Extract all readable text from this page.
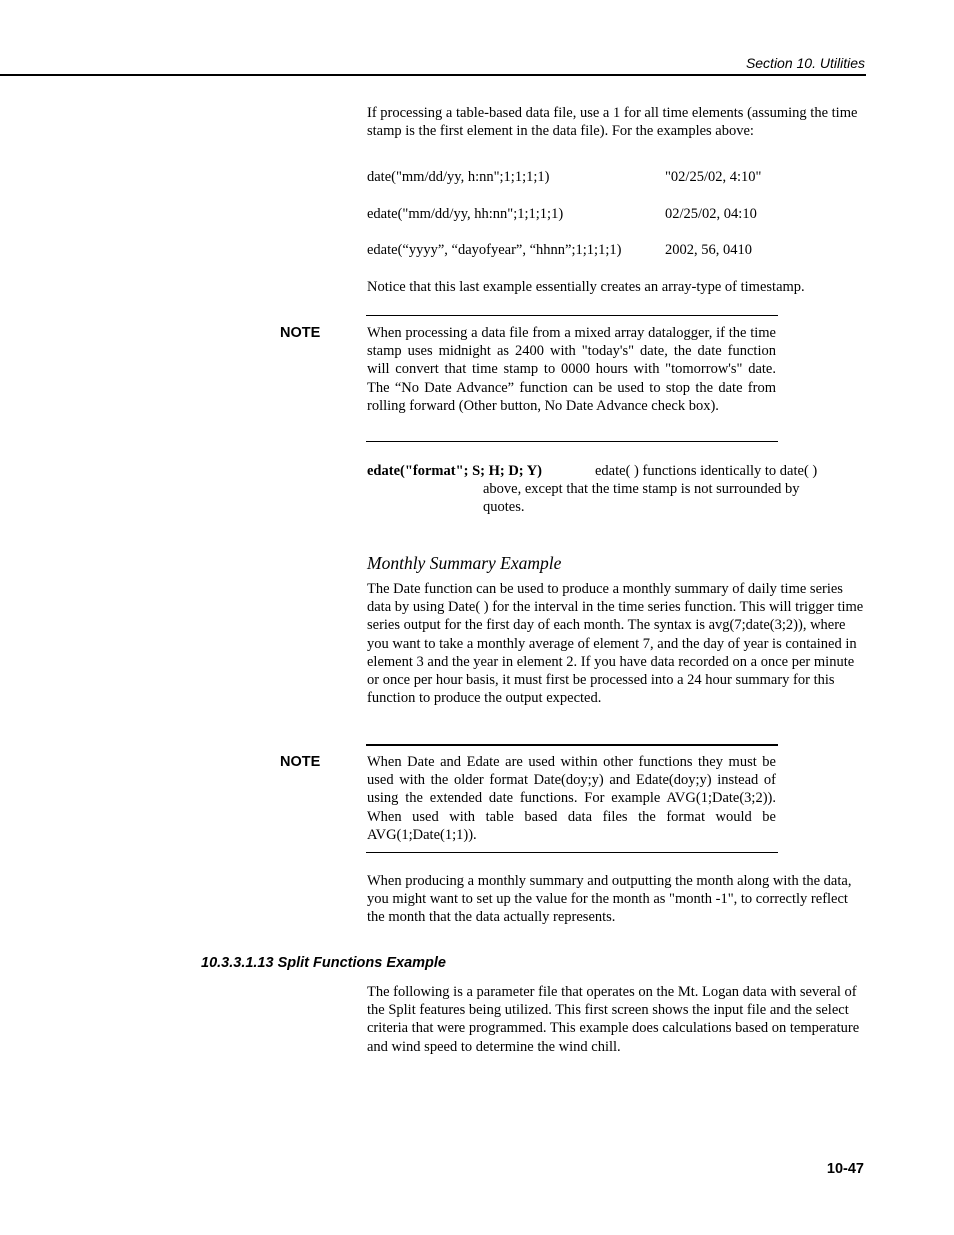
Section 10. Utilities

If processing a table-based data file, use a 1 for all time elements (assuming the time stamp is the first element in the data file). For the examples above:

date("mm/dd/yy, h:nn";1;1;1;1)	"02/25/02, 4:10"
edate("mm/dd/yy, hh:nn";1;1;1;1)	02/25/02, 04:10
edate(“yyyy”, “dayofyear”, “hhnn”;1;1;1;1)	2002, 56, 0410

Notice that this last example essentially creates an array-type of timestamp.

NOTE	When processing a data file from a mixed array datalogger, if the time stamp uses midnight as 2400 with "today's" date, the date function will convert that time stamp to 0000 hours with "tomorrow's" date. The “No Date Advance” function can be used to stop the date from rolling forward (Other button, No Date Advance check box).

edate("format"; S; H; D; Y)	edate( ) functions identically to date( )

above, except that the time stamp is not surrounded by quotes.

Monthly Summary Example

The Date function can be used to produce a monthly summary of daily time series data by using Date( ) for the interval in the time series function. This will trigger time series output for the first day of each month. The syntax is avg(7;date(3;2)), where you want to take a monthly average of element 7, and the day of year is contained in element 3 and the year in element 2. If you have data recorded on a once per minute or once per hour basis, it must first be processed into a 24 hour summary for this function to produce the output expected.

NOTE	When Date and Edate are used within other functions they must be used with the older format Date(doy;y) and Edate(doy;y) instead of using the extended date functions. For example AVG(1;Date(3;2)). When used with table based data files the format would be AVG(1;Date(1;1)).

When producing a monthly summary and outputting the month along with the data, you might want to set up the value for the month as "month -1", to correctly reflect the month that the data actually represents.

10.3.3.1.13 Split Functions Example

The following is a parameter file that operates on the Mt. Logan data with several of the Split features being utilized. This first screen shows the input file and the select criteria that were programmed. This example does calculations based on temperature and wind speed to determine the wind chill.

10-47
